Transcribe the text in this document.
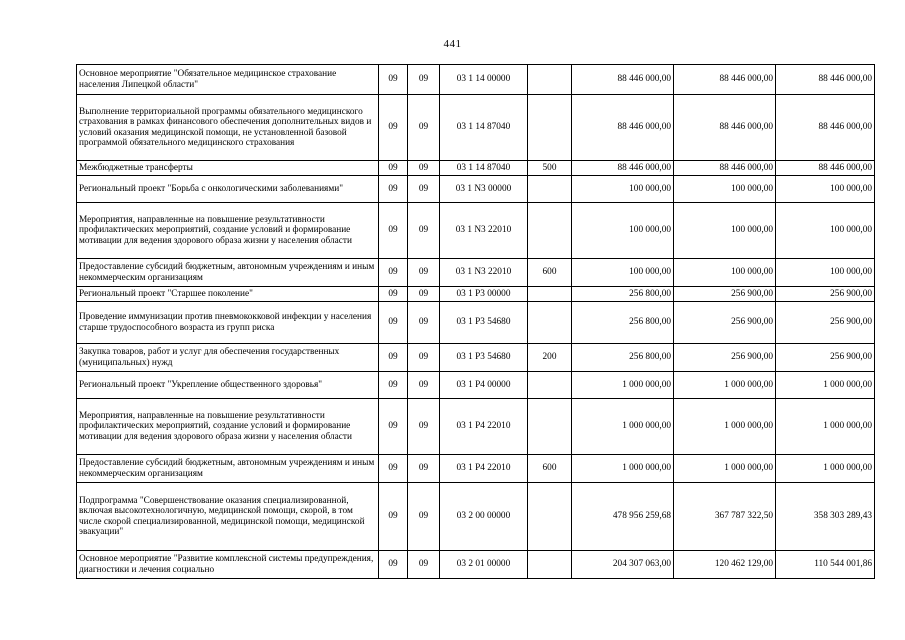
441
Основное мероприятие "Обязательное медицинское страхование населения Липецкой области"	09	09	03 1 14 00000		88 446 000,00	88 446 000,00	88 446 000,00
Выполнение территориальной программы обязательного медицинского страхования в рамках финансового обеспечения дополнительных видов и условий оказания медицинской помощи, не установленной базовой программой обязательного медицинского страхования	09	09	03 1 14 87040		88 446 000,00	88 446 000,00	88 446 000,00
Межбюджетные трансферты	09	09	03 1 14 87040	500	88 446 000,00	88 446 000,00	88 446 000,00
Региональный проект "Борьба с онкологическими заболеваниями"	09	09	03 1 N3 00000		100 000,00	100 000,00	100 000,00
Мероприятия, направленные на повышение результативности профилактических мероприятий, создание условий и формирование мотивации для ведения здорового образа жизни у населения области	09	09	03 1 N3 22010		100 000,00	100 000,00	100 000,00
Предоставление субсидий бюджетным, автономным учреждениям и иным некоммерческим организациям	09	09	03 1 N3 22010	600	100 000,00	100 000,00	100 000,00
Региональный проект "Старшее поколение"	09	09	03 1 P3 00000		256 800,00	256 900,00	256 900,00
Проведение иммунизации против пневмококковой инфекции у населения старше трудоспособного возраста из групп риска	09	09	03 1 P3 54680		256 800,00	256 900,00	256 900,00
Закупка товаров, работ и услуг для обеспечения государственных (муниципальных) нужд	09	09	03 1 P3 54680	200	256 800,00	256 900,00	256 900,00
Региональный проект "Укрепление общественного здоровья"	09	09	03 1 P4 00000		1 000 000,00	1 000 000,00	1 000 000,00
Мероприятия, направленные на повышение результативности профилактических мероприятий, создание условий и формирование мотивации для ведения здорового образа жизни у населения области	09	09	03 1 P4 22010		1 000 000,00	1 000 000,00	1 000 000,00
Предоставление субсидий бюджетным, автономным учреждениям и иным некоммерческим организациям	09	09	03 1 P4 22010	600	1 000 000,00	1 000 000,00	1 000 000,00
Подпрограмма "Совершенствование оказания специализированной, включая высокотехнологичную, медицинской помощи, скорой, в том числе скорой специализированной, медицинской помощи, медицинской эвакуации"	09	09	03 2 00 00000		478 956 259,68	367 787 322,50	358 303 289,43
Основное мероприятие "Развитие комплексной системы предупреждения, диагностики и лечения социально	09	09	03 2 01 00000		204 307 063,00	120 462 129,00	110 544 001,86
